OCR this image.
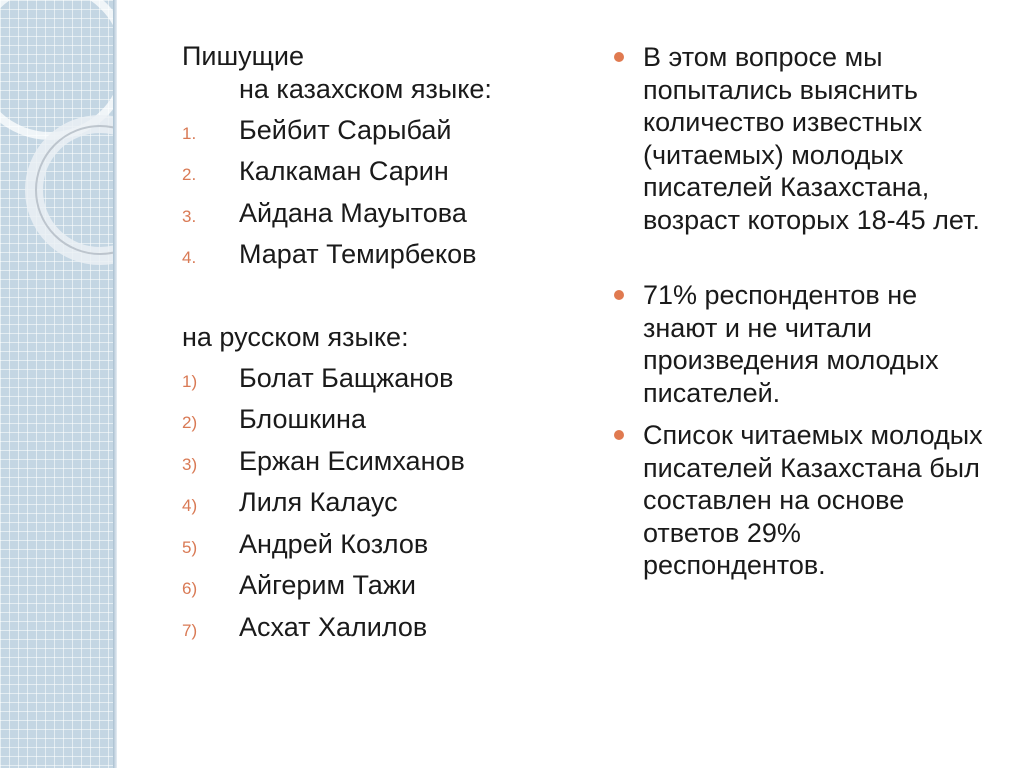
Пишущие
на казахском языке:
1. Бейбит Сарыбай
2. Калкаман Сарин
3. Айдана Мауытова
4. Марат Темирбеков
на русском языке:
1) Болат Бащжанов
2) Блошкина
3) Ержан Есимханов
4) Лиля Калаус
5) Андрей Козлов
6) Айгерим Тажи
7) Асхат Халилов
В этом вопросе мы попытались выяснить количество известных (читаемых) молодых писателей Казахстана, возраст которых 18-45 лет.
71% респондентов не знают и не читали произведения молодых писателей.
Список читаемых молодых писателей Казахстана был составлен на основе ответов 29% респондентов.
